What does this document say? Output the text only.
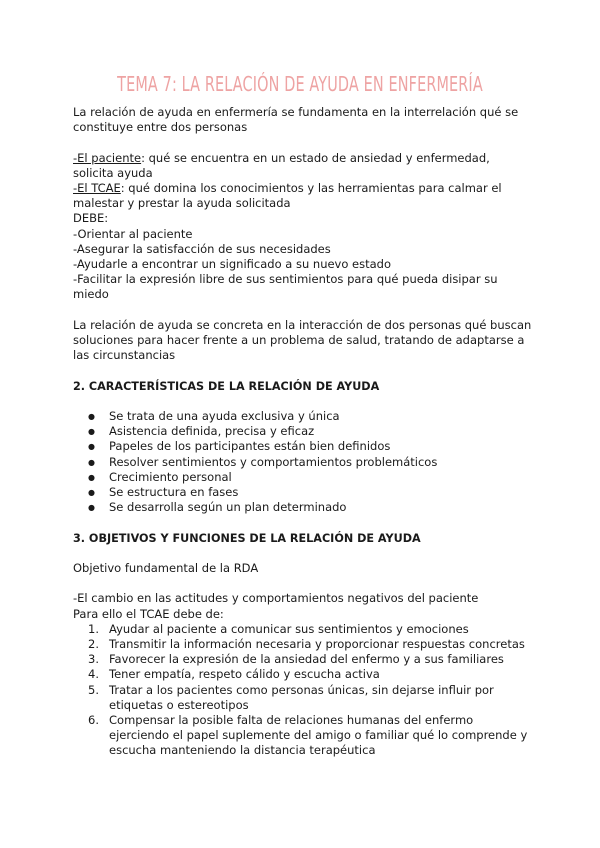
TEMA 7: LA RELACIÓN DE AYUDA EN ENFERMERÍA

La relación de ayuda en enfermería se fundamenta en la interrelación qué se constituye entre dos personas

-El paciente: qué se encuentra en un estado de ansiedad y enfermedad, solicita ayuda

-El TCAE: qué domina los conocimientos y las herramientas para calmar el malestar y prestar la ayuda solicitada

DEBE:

-Orientar al paciente

-Asegurar la satisfacción de sus necesidades

-Ayudarle a encontrar un significado a su nuevo estado

-Facilitar la expresión libre de sus sentimientos para qué pueda disipar su miedo

La relación de ayuda se concreta en la interacción de dos personas qué buscan soluciones para hacer frente a un problema de salud, tratando de adaptarse a las circunstancias

2. CARACTERÍSTICAS DE LA RELACIÓN DE AYUDA

● Se trata de una ayuda exclusiva y única
● Asistencia definida, precisa y eficaz
● Papeles de los participantes están bien definidos
● Resolver sentimientos y comportamientos problemáticos
● Crecimiento personal
● Se estructura en fases
● Se desarrolla según un plan determinado

3. OBJETIVOS Y FUNCIONES DE LA RELACIÓN DE AYUDA

Objetivo fundamental de la RDA

-El cambio en las actitudes y comportamientos negativos del paciente

Para ello el TCAE debe de:

1. Ayudar al paciente a comunicar sus sentimientos y emociones
2. Transmitir la información necesaria y proporcionar respuestas concretas
3. Favorecer la expresión de la ansiedad del enfermo y a sus familiares
4. Tener empatía, respeto cálido y escucha activa
5. Tratar a los pacientes como personas únicas, sin dejarse influir por etiquetas o estereotipos
6. Compensar la posible falta de relaciones humanas del enfermo ejerciendo el papel suplemente del amigo o familiar qué lo comprende y escucha manteniendo la distancia terapéutica
